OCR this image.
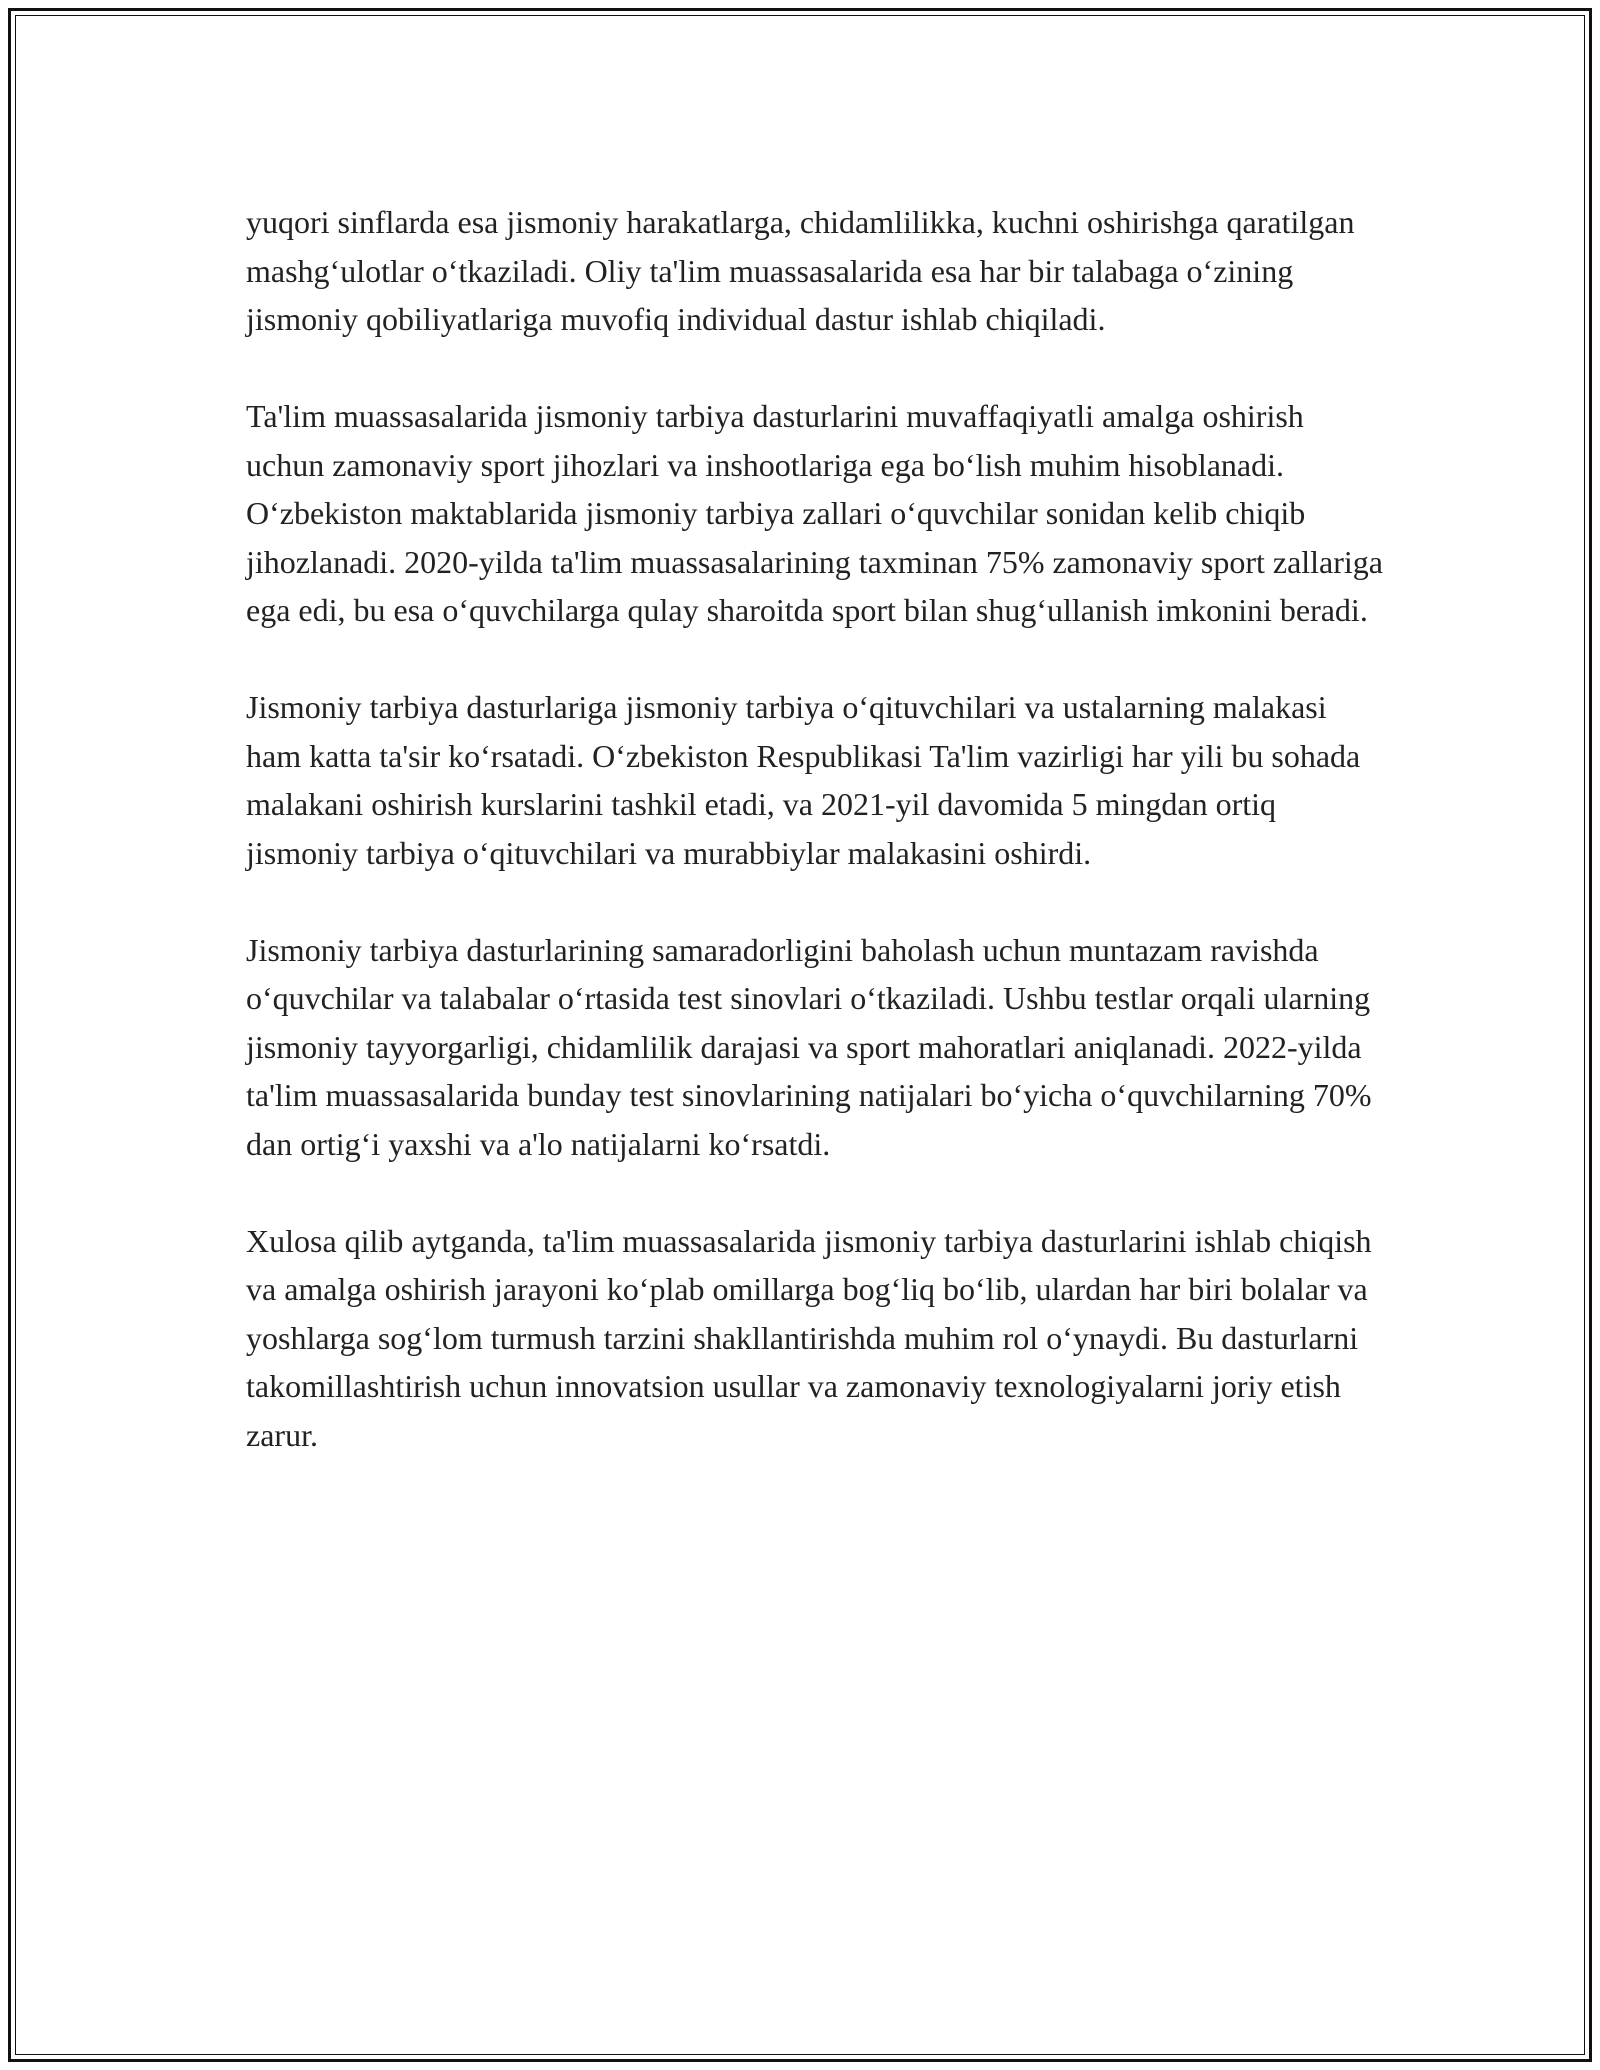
yuqori sinflarda esa jismoniy harakatlarga, chidamlilikka, kuchni oshirishga qaratilgan mashg‘ulotlar o‘tkaziladi. Oliy ta'lim muassasalarida esa har bir talabaga o‘zining jismoniy qobiliyatlariga muvofiq individual dastur ishlab chiqiladi.

Ta'lim muassasalarida jismoniy tarbiya dasturlarini muvaffaqiyatli amalga oshirish uchun zamonaviy sport jihozlari va inshootlariga ega bo‘lish muhim hisoblanadi. O‘zbekiston maktablarida jismoniy tarbiya zallari o‘quvchilar sonidan kelib chiqib jihozlanadi. 2020-yilda ta'lim muassasalarining taxminan 75% zamonaviy sport zallariga ega edi, bu esa o‘quvchilarga qulay sharoitda sport bilan shug‘ullanish imkonini beradi.

Jismoniy tarbiya dasturlariga jismoniy tarbiya o‘qituvchilari va ustalarning malakasi ham katta ta'sir ko‘rsatadi. O‘zbekiston Respublikasi Ta'lim vazirligi har yili bu sohada malakani oshirish kurslarini tashkil etadi, va 2021-yil davomida 5 mingdan ortiq jismoniy tarbiya o‘qituvchilari va murabbiylar malakasini oshirdi.

Jismoniy tarbiya dasturlarining samaradorligini baholash uchun muntazam ravishda o‘quvchilar va talabalar o‘rtasida test sinovlari o‘tkaziladi. Ushbu testlar orqali ularning jismoniy tayyorgarligi, chidamlilik darajasi va sport mahoratlari aniqlanadi. 2022-yilda ta'lim muassasalarida bunday test sinovlarining natijalari bo‘yicha o‘quvchilarning 70% dan ortig‘i yaxshi va a'lo natijalarni ko‘rsatdi.

Xulosa qilib aytganda, ta'lim muassasalarida jismoniy tarbiya dasturlarini ishlab chiqish va amalga oshirish jarayoni ko‘plab omillarga bog‘liq bo‘lib, ulardan har biri bolalar va yoshlarga sog‘lom turmush tarzini shakllantirishda muhim rol o‘ynaydi. Bu dasturlarni takomillashtirish uchun innovatsion usullar va zamonaviy texnologiyalarni joriy etish zarur.
